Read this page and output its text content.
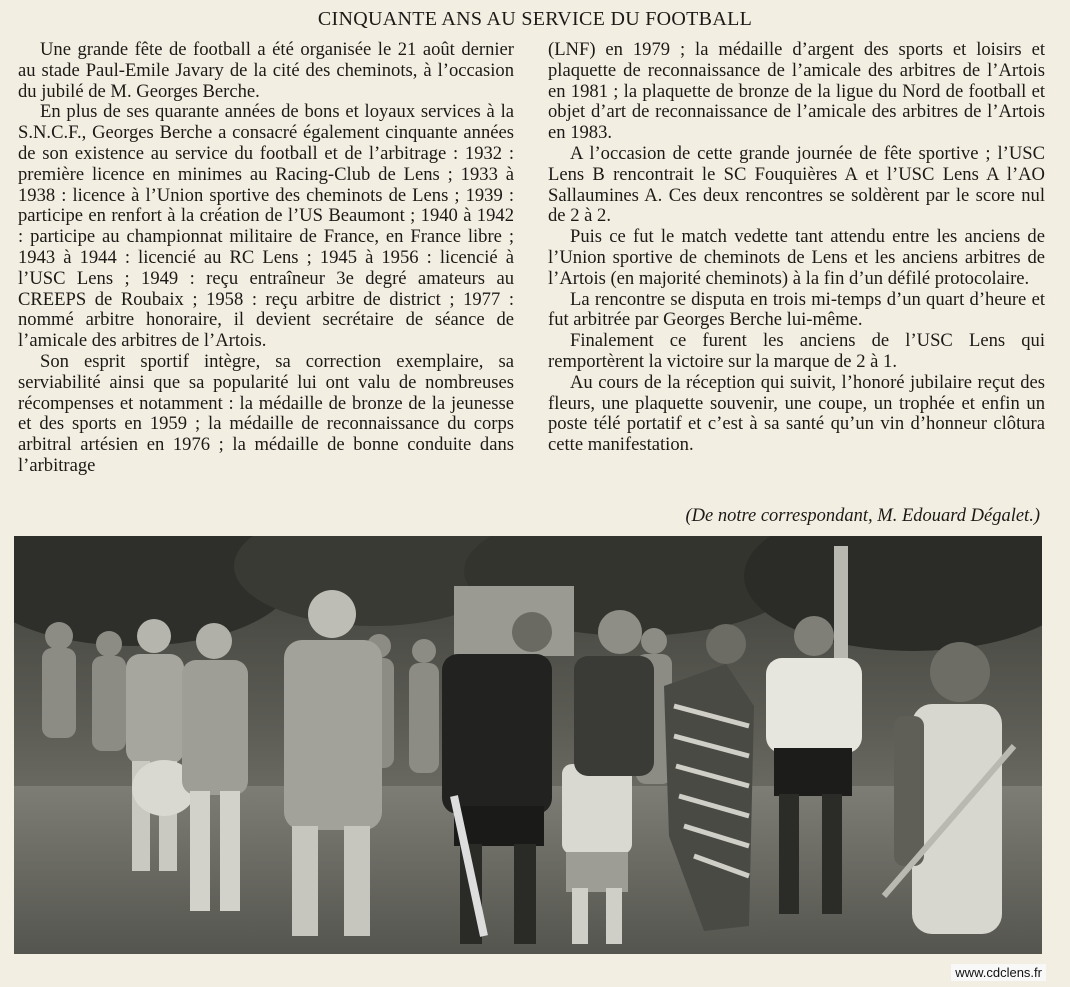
CINQUANTE ANS AU SERVICE DU FOOTBALL

Une grande fête de football a été organisée le 21 août dernier au stade Paul-Emile Javary de la cité des cheminots, à l’occasion du jubilé de M. Georges Berche.

En plus de ses quarante années de bons et loyaux services à la S.N.C.F., Georges Berche a consacré également cinquante années de son existence au service du football et de l’arbitrage : 1932 : première licence en minimes au Racing-Club de Lens ; 1933 à 1938 : licence à l’Union sportive des cheminots de Lens ; 1939 : participe en renfort à la création de l’US Beaumont ; 1940 à 1942 : participe au championnat militaire de France, en France libre ; 1943 à 1944 : licencié au RC Lens ; 1945 à 1956 : licencié à l’USC Lens ; 1949 : reçu entraîneur 3e degré amateurs au CREEPS de Roubaix ; 1958 : reçu arbitre de district ; 1977 : nommé arbitre honoraire, il devient secrétaire de séance de l’amicale des arbitres de l’Artois.

Son esprit sportif intègre, sa correction exemplaire, sa serviabilité ainsi que sa popularité lui ont valu de nombreuses récompenses et notamment : la médaille de bronze de la jeunesse et des sports en 1959 ; la médaille de reconnaissance du corps arbitral artésien en 1976 ; la médaille de bonne conduite dans l’arbitrage

(LNF) en 1979 ; la médaille d’argent des sports et loisirs et plaquette de reconnaissance de l’amicale des arbitres de l’Artois en 1981 ; la plaquette de bronze de la ligue du Nord de football et objet d’art de reconnaissance de l’amicale des arbitres de l’Artois en 1983.

A l’occasion de cette grande journée de fête sportive ; l’USC Lens B rencontrait le SC Fouquières A et l’USC Lens A l’AO Sallaumines A. Ces deux rencontres se soldèrent par le score nul de 2 à 2.

Puis ce fut le match vedette tant attendu entre les anciens de l’Union sportive de cheminots de Lens et les anciens arbitres de l’Artois (en majorité cheminots) à la fin d’un défilé protocolaire.

La rencontre se disputa en trois mi-temps d’un quart d’heure et fut arbitrée par Georges Berche lui-même.

Finalement ce furent les anciens de l’USC Lens qui remportèrent la victoire sur la marque de 2 à 1.

Au cours de la réception qui suivit, l’honoré jubilaire reçut des fleurs, une plaquette souvenir, une coupe, un trophée et enfin un poste télé portatif et c’est à sa santé qu’un vin d’honneur clôtura cette manifestation.

(De notre correspondant, M. Edouard Dégalet.)
www.cdclens.fr
